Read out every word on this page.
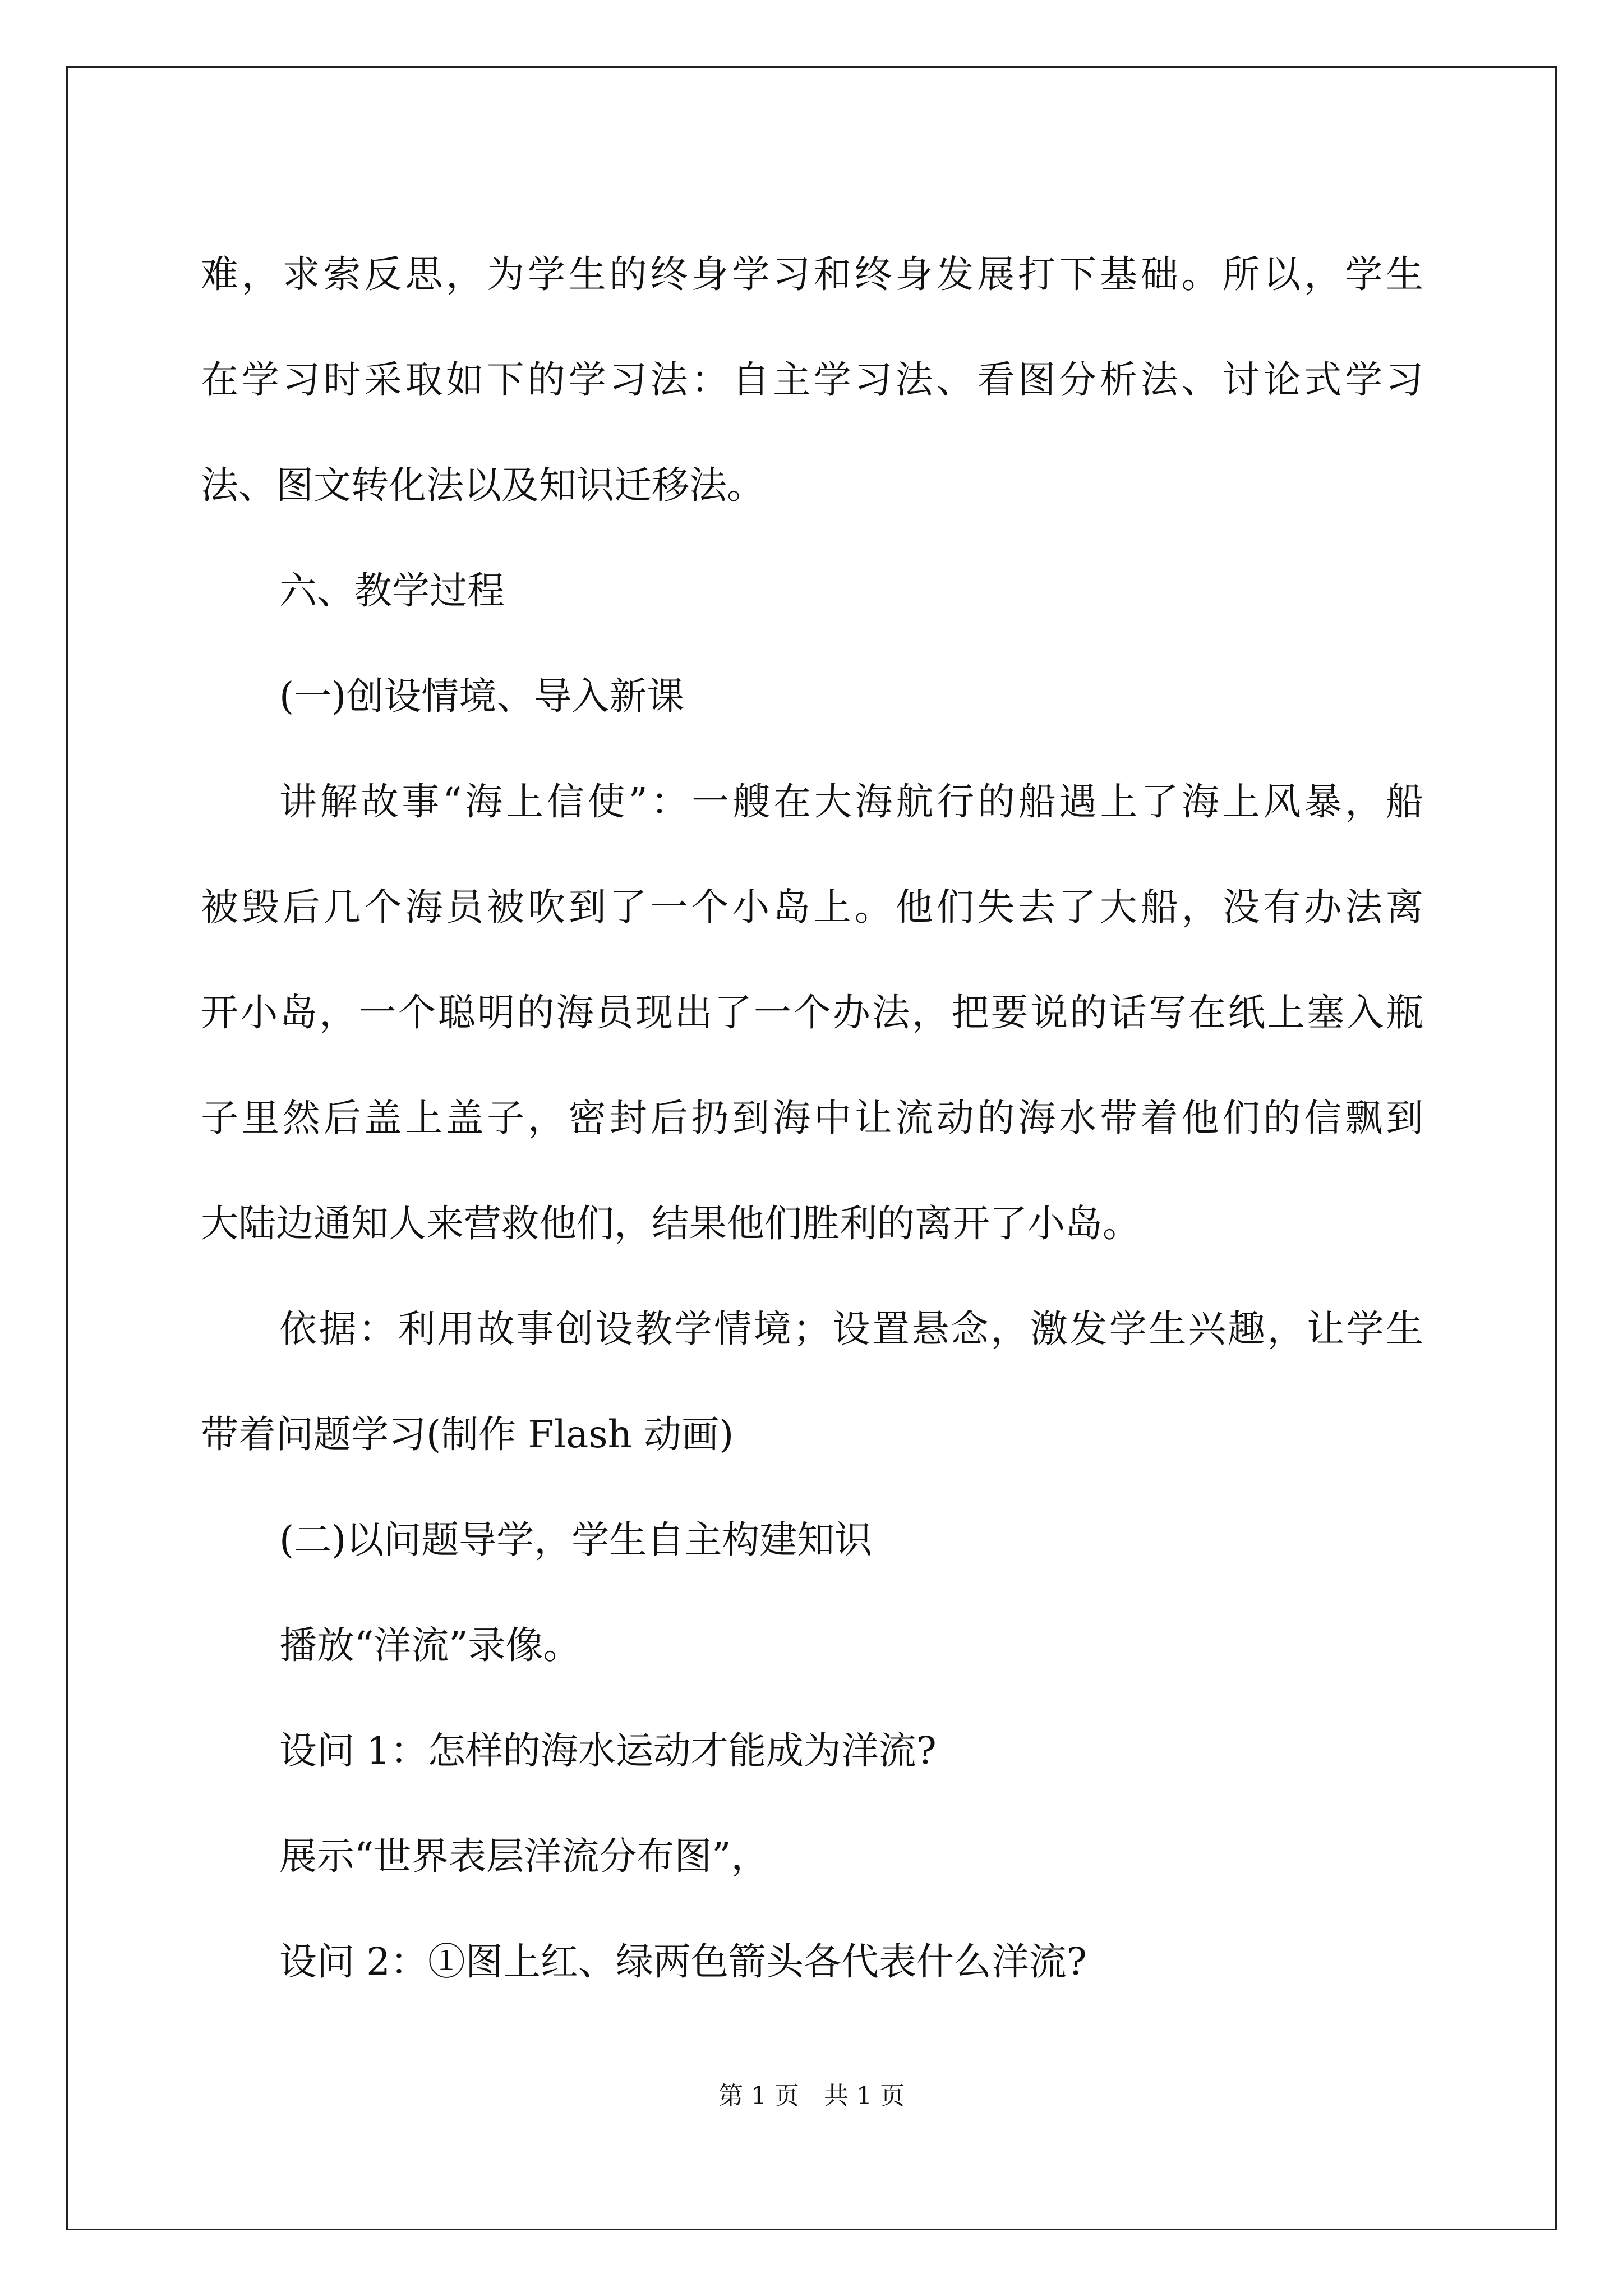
难，求索反思，为学生的终身学习和终身发展打下基础。所以，学生

在学习时采取如下的学习法：自主学习法、看图分析法、讨论式学习

法、图文转化法以及知识迁移法。

六、教学过程

(一)创设情境、导入新课

讲解故事“海上信使”：一艘在大海航行的船遇上了海上风暴，船

被毁后几个海员被吹到了一个小岛上。他们失去了大船，没有办法离

开小岛，一个聪明的海员现出了一个办法，把要说的话写在纸上塞入瓶

子里然后盖上盖子，密封后扔到海中让流动的海水带着他们的信飘到

大陆边通知人来营救他们，结果他们胜利的离开了小岛。

依据：利用故事创设教学情境；设置悬念，激发学生兴趣，让学生

带着问题学习(制作 Flash 动画)

(二)以问题导学，学生自主构建知识

播放“洋流”录像。

设问 1：怎样的海水运动才能成为洋流?

展示“世界表层洋流分布图”，

设问 2：①图上红、绿两色箭头各代表什么洋流?

第 1 页　共 1 页
